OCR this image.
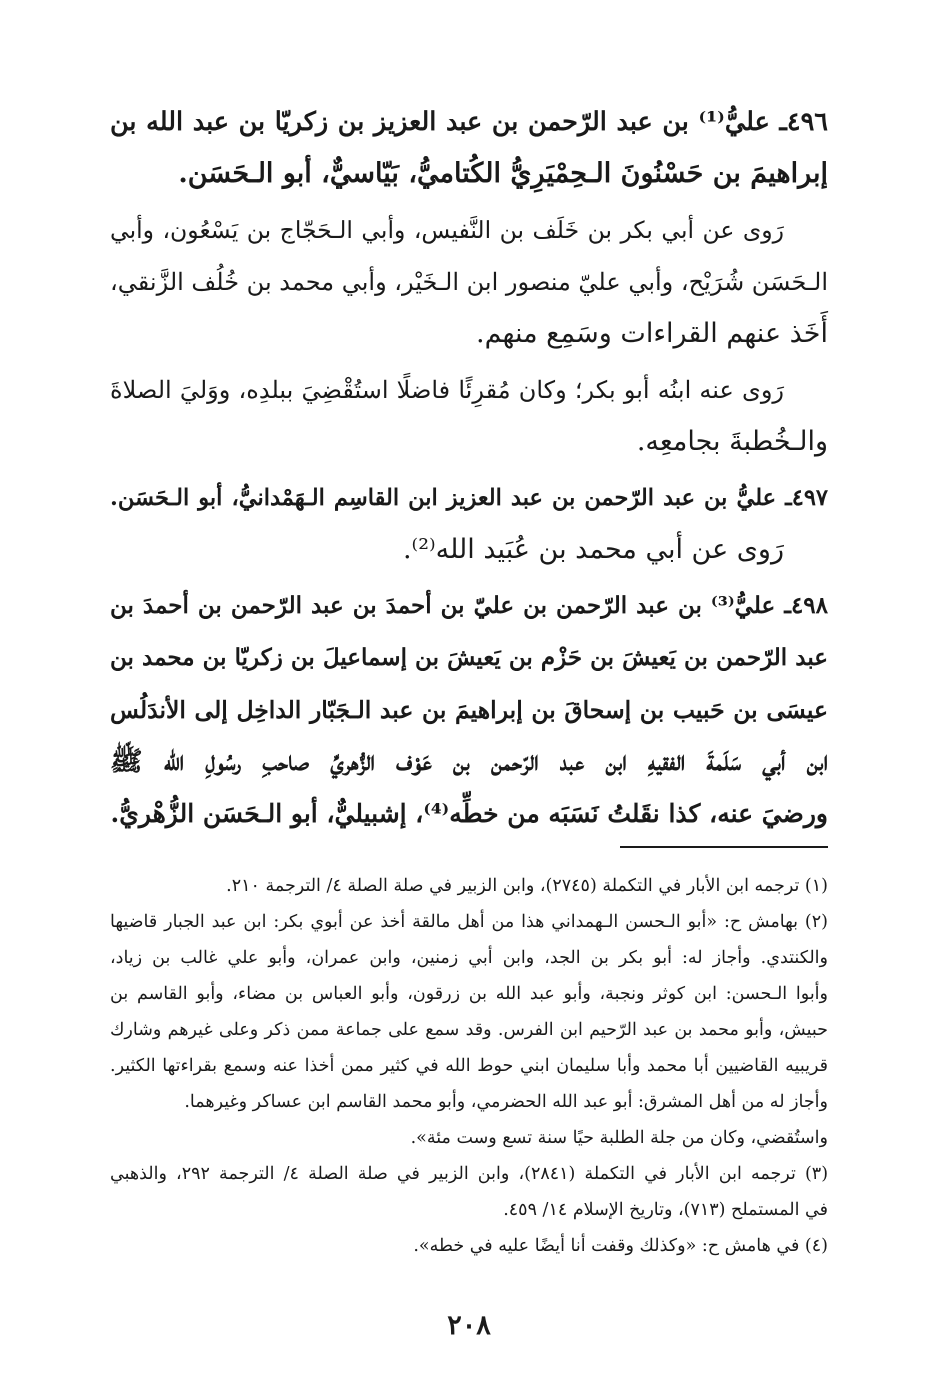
٤٩٦ـ عليُّ⁽¹⁾ بن عبد الرّحمن بن عبد العزيز بن زكريّا بن عبد الله بن
إبراهيمَ بن حَسْنُونَ الـحِمْيَرِيُّ الكُتاميُّ، بَيّاسيٌّ، أبو الـحَسَن.
رَوى عن أبي بكر بن خَلَف بن النَّفيس، وأبي الـحَجّاج بن يَسْعُون، وأبي
الـحَسَن شُرَيْح، وأبي عليّ منصور ابن الـخَيْر، وأبي محمد بن خُلُف الزَّنقي،
أَخَذ عنهم القراءات وسَمِع منهم.
رَوى عنه ابنُه أبو بكر؛ وكان مُقرِئًا فاضلًا استُقْضِيَ ببلدِه، ووَليَ الصلاةَ
والـخُطبةَ بجامعِه.
٤٩٧ـ عليُّ بن عبد الرّحمن بن عبد العزيز ابن القاسِم الـهَمْدانيُّ، أبو الـحَسَن.
رَوى عن أبي محمد بن عُبَيد الله⁽²⁾.
٤٩٨ـ عليُّ⁽³⁾ بن عبد الرّحمن بن عليّ بن أحمدَ بن عبد الرّحمن بن أحمدَ بن
عبد الرّحمن بن يَعيشَ بن حَزْم بن يَعيشَ بن إسماعيلَ بن زكريّا بن محمد بن
عيسَى بن حَبيب بن إسحاقَ بن إبراهيمَ بن عبد الـجَبّار الداخِل إلى الأندَلُس
ابن أبي سَلَمةَ الفقيهِ ابن عبد الرّحمن بن عَوْف الزُّهريِّ صاحبِ رسُولِ الله ﷺ
ورضيَ عنه، كذا نقَلتُ نَسَبَه من خطِّه⁽⁴⁾، إشبيليٌّ، أبو الـحَسَن الزُّهْريُّ.
(١) ترجمه ابن الأبار في التكملة (٢٧٤٥)، وابن الزبير في صلة الصلة ٤/ الترجمة ٢١٠.
(٢) بهامش ح: «أبو الـحسن الـهمداني هذا من أهل مالقة أخذ عن أبوي بكر: ابن عبد الجبار قاضيها
والكنتدي. وأجاز له: أبو بكر بن الجد، وابن أبي زمنين، وابن عمران، وأبو علي غالب بن زياد،
وأبوا الـحسن: ابن كوثر ونجبة، وأبو عبد الله بن زرقون، وأبو العباس بن مضاء، وأبو القاسم بن
حبيش، وأبو محمد بن عبد الرّحيم ابن الفرس. وقد سمع على جماعة ممن ذكر وعلى غيرهم وشارك
قريبيه القاضيين أبا محمد وأبا سليمان ابني حوط الله في كثير ممن أخذا عنه وسمع بقراءتها الكثير.
وأجاز له من أهل المشرق: أبو عبد الله الحضرمي، وأبو محمد القاسم ابن عساكر وغيرهما.
واستُقضي، وكان من جلة الطلبة حيًا سنة تسع وست مئة».
(٣) ترجمه ابن الأبار في التكملة (٢٨٤١)، وابن الزبير في صلة الصلة ٤/ الترجمة ٢٩٢، والذهبي
في المستملح (٧١٣)، وتاريخ الإسلام ١٤/ ٤٥٩.
(٤) في هامش ح: «وكذلك وقفت أنا أيضًا عليه في خطه».
٢٠٨
